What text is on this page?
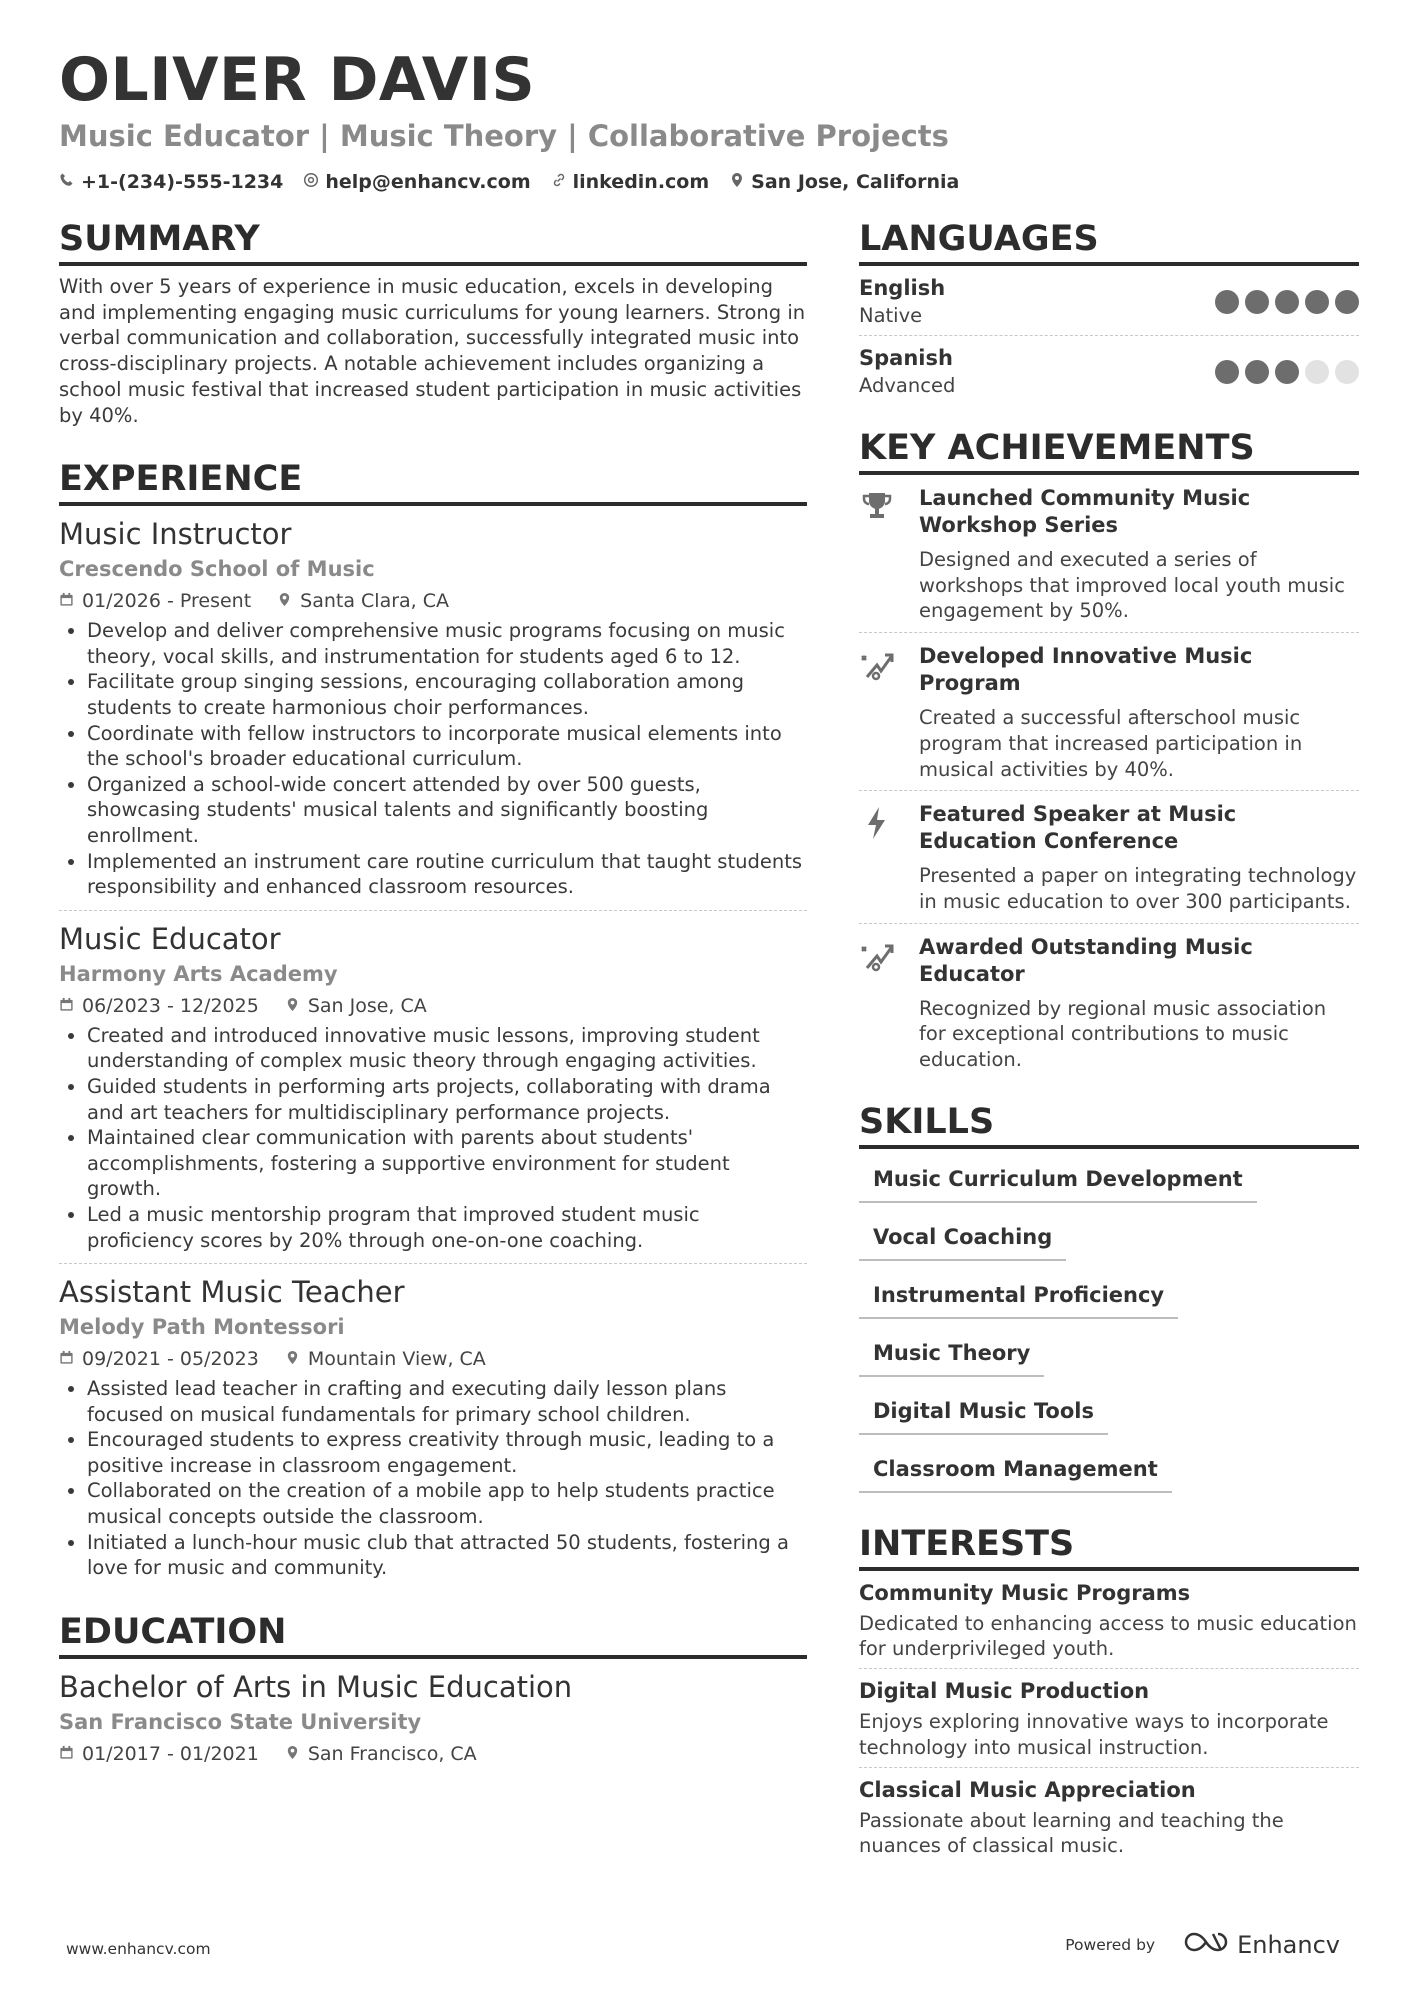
OLIVER DAVIS
Music Educator | Music Theory | Collaborative Projects
+1-(234)-555-1234 help@enhancv.com linkedin.com San Jose, California
SUMMARY
With over 5 years of experience in music education, excels in developing and implementing engaging music curriculums for young learners. Strong in verbal communication and collaboration, successfully integrated music into cross-disciplinary projects. A notable achievement includes organizing a school music festival that increased student participation in music activities by 40%.
EXPERIENCE
Music Instructor
Crescendo School of Music
01/2026 - Present	Santa Clara, CA
• Develop and deliver comprehensive music programs focusing on music theory, vocal skills, and instrumentation for students aged 6 to 12.
• Facilitate group singing sessions, encouraging collaboration among students to create harmonious choir performances.
• Coordinate with fellow instructors to incorporate musical elements into the school's broader educational curriculum.
• Organized a school-wide concert attended by over 500 guests, showcasing students' musical talents and significantly boosting enrollment.
• Implemented an instrument care routine curriculum that taught students responsibility and enhanced classroom resources.
Music Educator
Harmony Arts Academy
06/2023 - 12/2025	San Jose, CA
• Created and introduced innovative music lessons, improving student understanding of complex music theory through engaging activities.
• Guided students in performing arts projects, collaborating with drama and art teachers for multidisciplinary performance projects.
• Maintained clear communication with parents about students' accomplishments, fostering a supportive environment for student growth.
• Led a music mentorship program that improved student music proficiency scores by 20% through one-on-one coaching.
Assistant Music Teacher
Melody Path Montessori
09/2021 - 05/2023	Mountain View, CA
• Assisted lead teacher in crafting and executing daily lesson plans focused on musical fundamentals for primary school children.
• Encouraged students to express creativity through music, leading to a positive increase in classroom engagement.
• Collaborated on the creation of a mobile app to help students practice musical concepts outside the classroom.
• Initiated a lunch-hour music club that attracted 50 students, fostering a love for music and community.
EDUCATION
Bachelor of Arts in Music Education
San Francisco State University
01/2017 - 01/2021	San Francisco, CA
LANGUAGES
English
Native
Spanish
Advanced
KEY ACHIEVEMENTS
Launched Community Music Workshop Series
Designed and executed a series of workshops that improved local youth music engagement by 50%.
Developed Innovative Music Program
Created a successful afterschool music program that increased participation in musical activities by 40%.
Featured Speaker at Music Education Conference
Presented a paper on integrating technology in music education to over 300 participants.
Awarded Outstanding Music Educator
Recognized by regional music association for exceptional contributions to music education.
SKILLS
Music Curriculum Development
Vocal Coaching
Instrumental Proficiency
Music Theory
Digital Music Tools
Classroom Management
INTERESTS
Community Music Programs
Dedicated to enhancing access to music education for underprivileged youth.
Digital Music Production
Enjoys exploring innovative ways to incorporate technology into musical instruction.
Classical Music Appreciation
Passionate about learning and teaching the nuances of classical music.
www.enhancv.com	Powered by	Enhancv
